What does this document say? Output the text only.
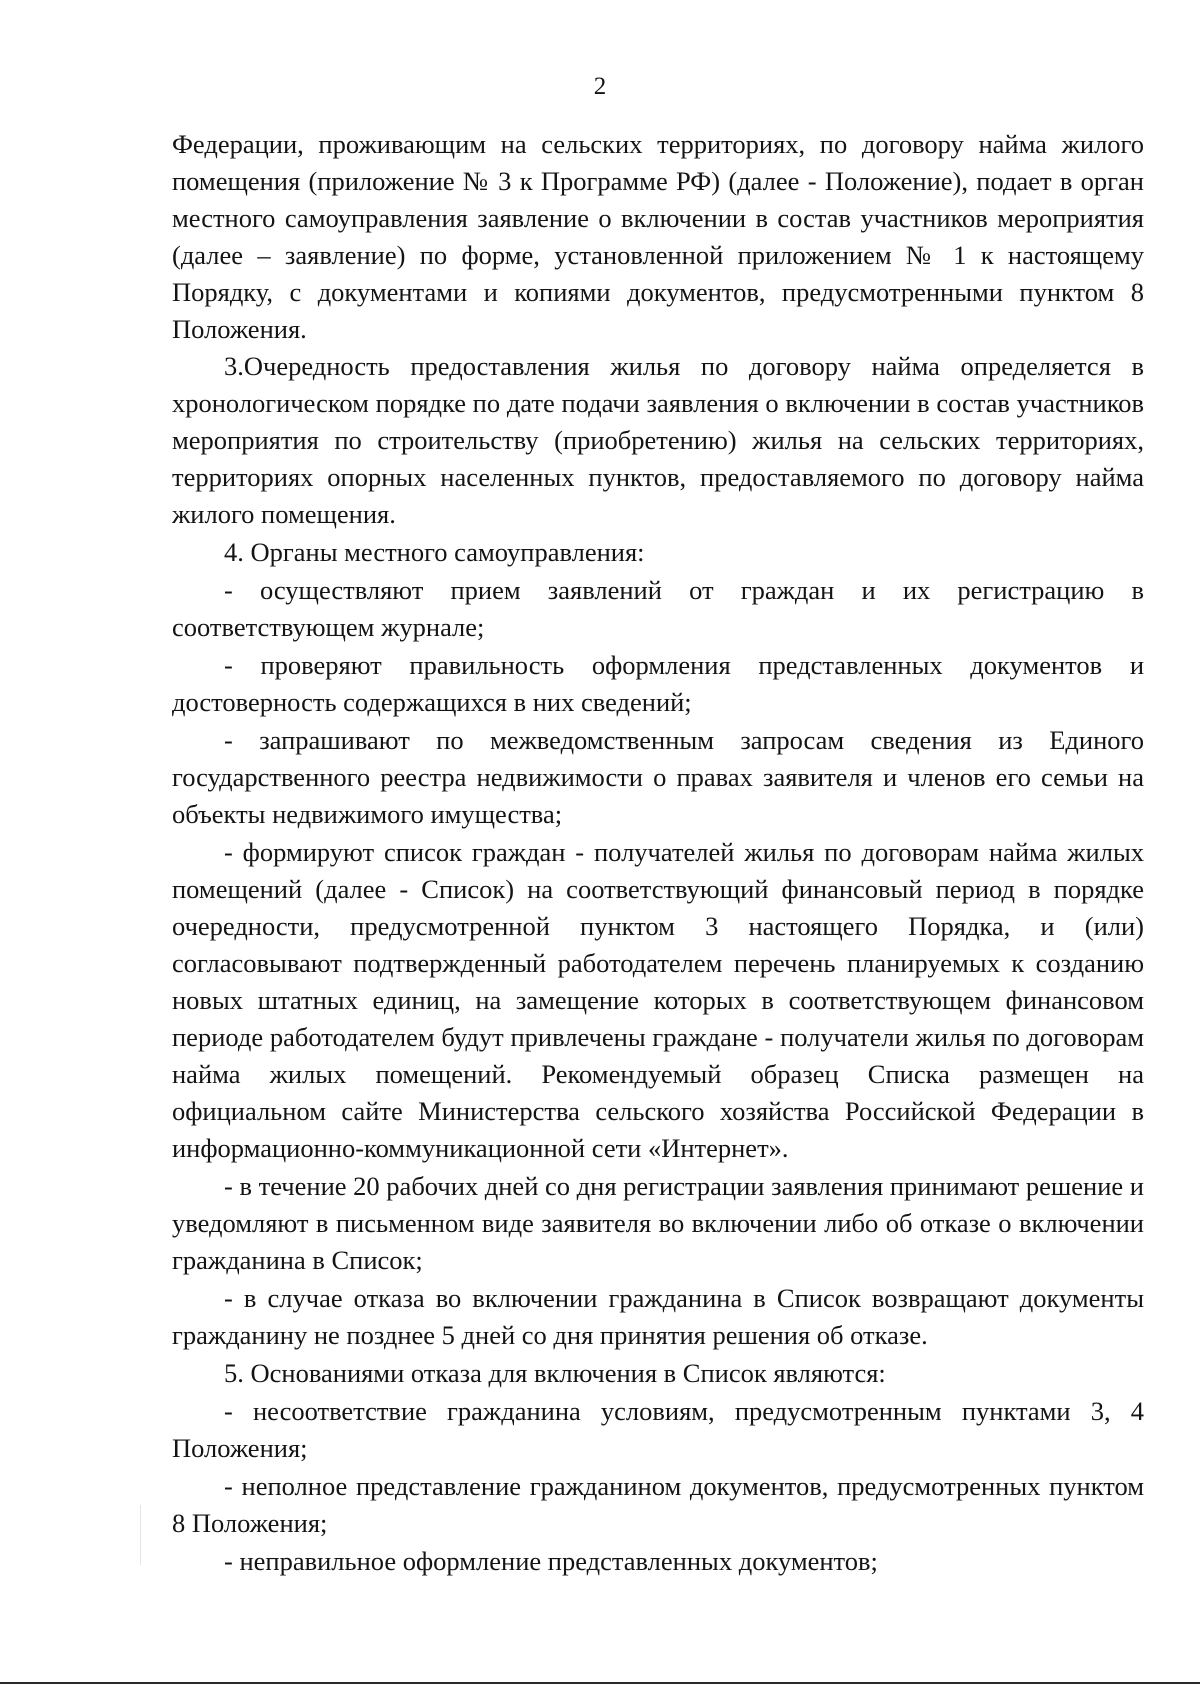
2

Федерации, проживающим на сельских территориях, по договору найма жилого помещения (приложение № 3 к Программе РФ) (далее - Положение), подает в орган местного самоуправления заявление о включении в состав участников мероприятия (далее – заявление) по форме, установленной приложением № 1 к настоящему Порядку, с документами и копиями документов, предусмотренными пунктом 8 Положения.

3.Очередность предоставления жилья по договору найма определяется в хронологическом порядке по дате подачи заявления о включении в состав участников мероприятия по строительству (приобретению) жилья на сельских территориях, территориях опорных населенных пунктов, предоставляемого по договору найма жилого помещения.

4. Органы местного самоуправления:

- осуществляют прием заявлений от граждан и их регистрацию в соответствующем журнале;

- проверяют правильность оформления представленных документов и достоверность содержащихся в них сведений;

- запрашивают по межведомственным запросам сведения из Единого государственного реестра недвижимости о правах заявителя и членов его семьи на объекты недвижимого имущества;

- формируют список граждан - получателей жилья по договорам найма жилых помещений (далее - Список) на соответствующий финансовый период в порядке очередности, предусмотренной пунктом 3 настоящего Порядка, и (или) согласовывают подтвержденный работодателем перечень планируемых к созданию новых штатных единиц, на замещение которых в соответствующем финансовом периоде работодателем будут привлечены граждане - получатели жилья по договорам найма жилых помещений. Рекомендуемый образец Списка размещен на официальном сайте Министерства сельского хозяйства Российской Федерации в информационно-коммуникационной сети «Интернет».

- в течение 20 рабочих дней со дня регистрации заявления принимают решение и уведомляют в письменном виде заявителя во включении либо об отказе о включении гражданина в Список;

- в случае отказа во включении гражданина в Список возвращают документы гражданину не позднее 5 дней со дня принятия решения об отказе.

5. Основаниями отказа для включения в Список являются:

- несоответствие гражданина условиям, предусмотренным пунктами 3, 4 Положения;

- неполное представление гражданином документов, предусмотренных пунктом 8 Положения;

- неправильное оформление представленных документов;
